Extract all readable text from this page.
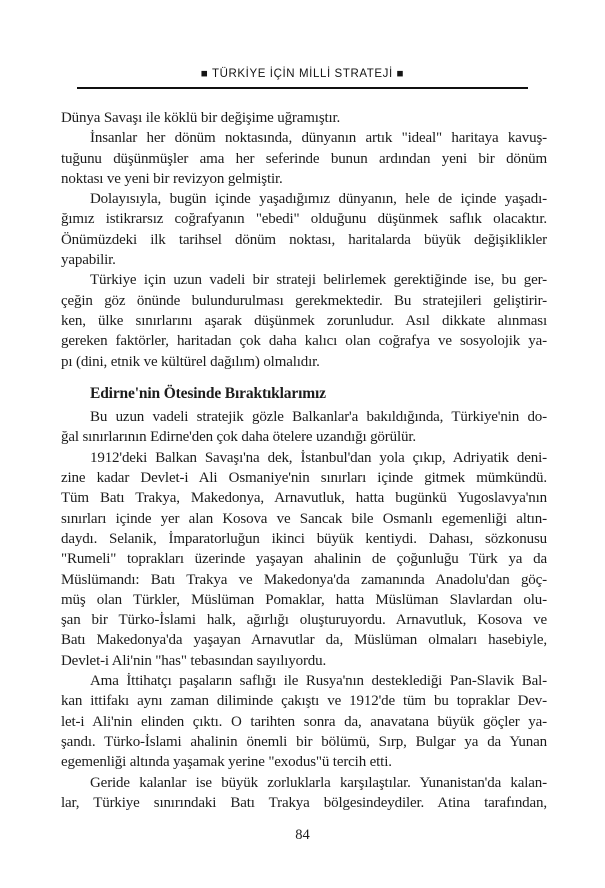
■ TÜRKİYE İÇİN MİLLİ STRATEJİ ■
Dünya Savaşı ile köklü bir değişime uğramıştır.
İnsanlar her dönüm noktasında, dünyanın artık "ideal" haritaya kavuş-
tuğunu düşünmüşler ama her seferinde bunun ardından yeni bir dönüm
noktası ve yeni bir revizyon gelmiştir.
Dolayısıyla, bugün içinde yaşadığımız dünyanın, hele de içinde yaşadı-
ğımız istikrarsız coğrafyanın "ebedi" olduğunu düşünmek saflık olacaktır.
Önümüzdeki ilk tarihsel dönüm noktası, haritalarda büyük değişiklikler
yapabilir.
Türkiye için uzun vadeli bir strateji belirlemek gerektiğinde ise, bu ger-
çeğin göz önünde bulundurulması gerekmektedir. Bu stratejileri geliştirir-
ken, ülke sınırlarını aşarak düşünmek zorunludur. Asıl dikkate alınması
gereken faktörler, haritadan çok daha kalıcı olan coğrafya ve sosyolojik ya-
pı (dini, etnik ve kültürel dağılım) olmalıdır.
Edirne'nin Ötesinde Bıraktıklarımız
Bu uzun vadeli stratejik gözle Balkanlar'a bakıldığında, Türkiye'nin do-
ğal sınırlarının Edirne'den çok daha ötelere uzandığı görülür.
1912'deki Balkan Savaşı'na dek, İstanbul'dan yola çıkıp, Adriyatik deni-
zine kadar Devlet-i Ali Osmaniye'nin sınırları içinde gitmek mümkündü.
Tüm Batı Trakya, Makedonya, Arnavutluk, hatta bugünkü Yugoslavya'nın
sınırları içinde yer alan Kosova ve Sancak bile Osmanlı egemenliği altın-
daydı. Selanik, İmparatorluğun ikinci büyük kentiydi. Dahası, sözkonusu
"Rumeli" toprakları üzerinde yaşayan ahalinin de çoğunluğu Türk ya da
Müslümandı: Batı Trakya ve Makedonya'da zamanında Anadolu'dan göç-
müş olan Türkler, Müslüman Pomaklar, hatta Müslüman Slavlardan olu-
şan bir Türko-İslami halk, ağırlığı oluşturuyordu. Arnavutluk, Kosova ve
Batı Makedonya'da yaşayan Arnavutlar da, Müslüman olmaları hasebiyle,
Devlet-i Ali'nin "has" tebasından sayılıyordu.
Ama İttihatçı paşaların saflığı ile Rusya'nın desteklediği Pan-Slavik Bal-
kan ittifakı aynı zaman diliminde çakıştı ve 1912'de tüm bu topraklar Dev-
let-i Ali'nin elinden çıktı. O tarihten sonra da, anavatana büyük göçler ya-
şandı. Türko-İslami ahalinin önemli bir bölümü, Sırp, Bulgar ya da Yunan
egemenliği altında yaşamak yerine "exodus"ü tercih etti.
Geride kalanlar ise büyük zorluklarla karşılaştılar. Yunanistan'da kalan-
lar, Türkiye sınırındaki Batı Trakya bölgesindeydiler. Atina tarafından,
84
